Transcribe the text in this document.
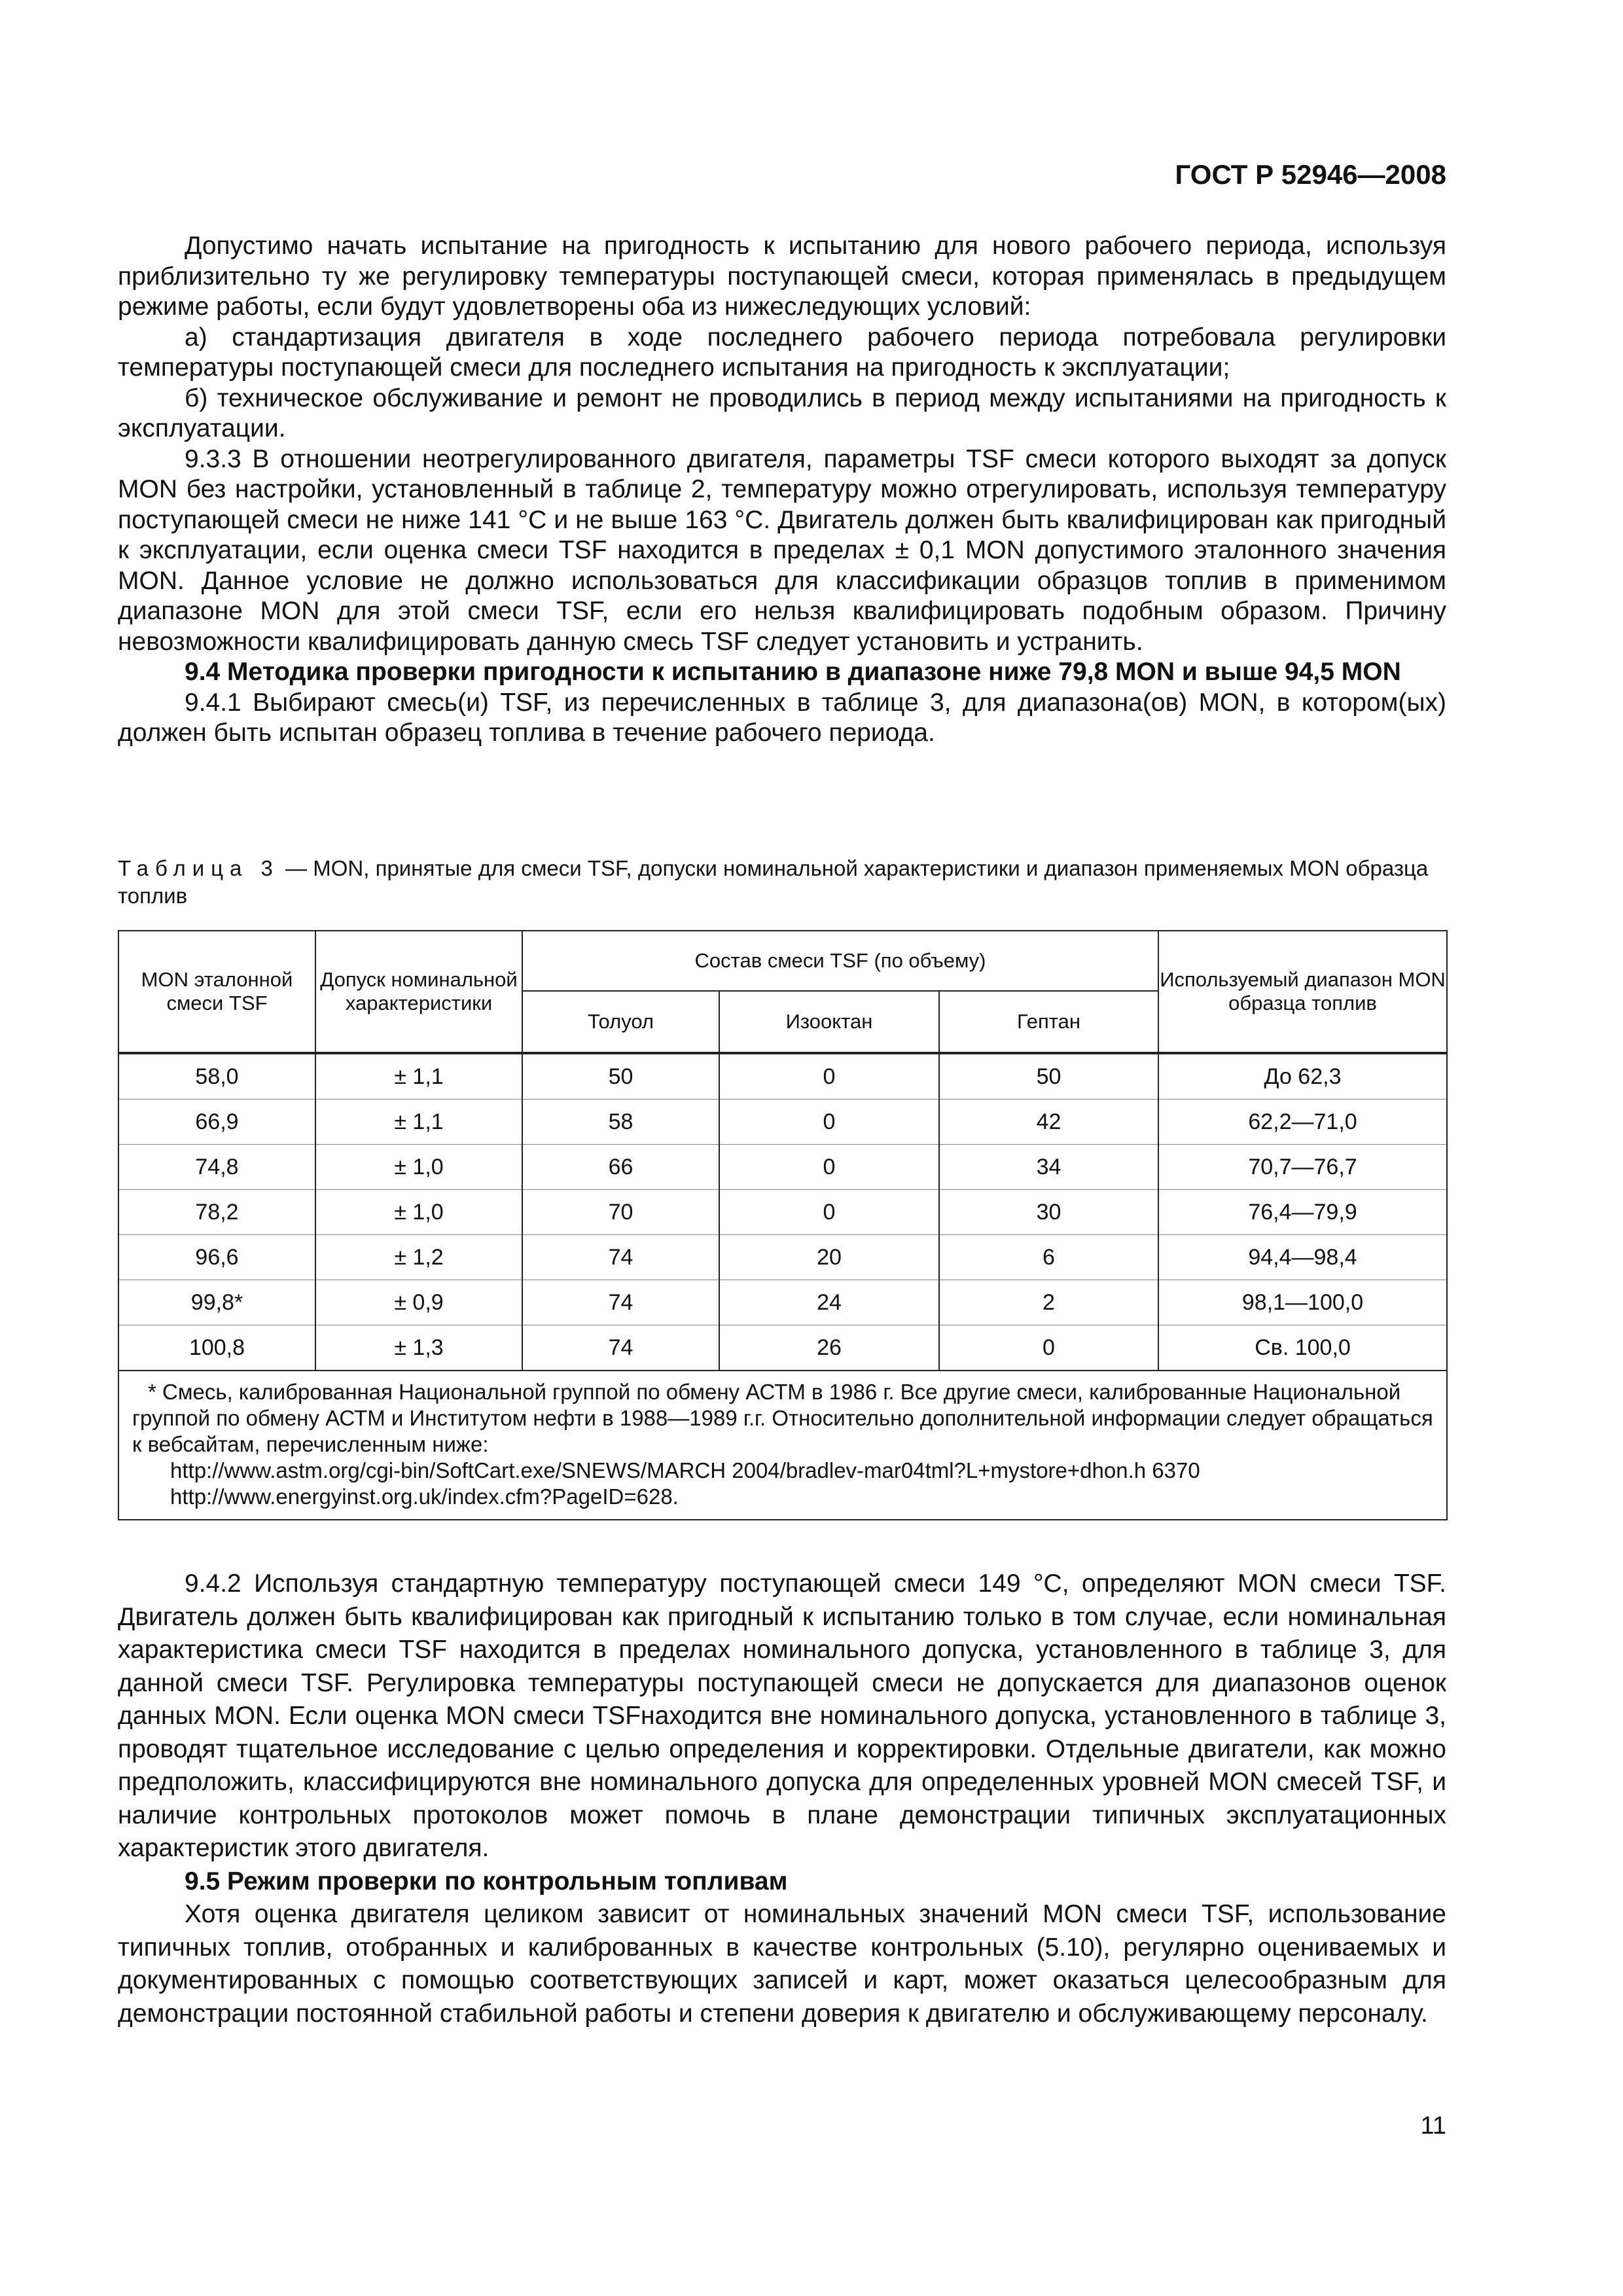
ГОСТ Р 52946—2008

Допустимо начать испытание на пригодность к испытанию для нового рабочего периода, используя приблизительно ту же регулировку температуры поступающей смеси, которая применялась в предыдущем режиме работы, если будут удовлетворены оба из нижеследующих условий:

а) стандартизация двигателя в ходе последнего рабочего периода потребовала регулировки температуры поступающей смеси для последнего испытания на пригодность к эксплуатации;

б) техническое обслуживание и ремонт не проводились в период между испытаниями на пригодность к эксплуатации.

9.3.3 В отношении неотрегулированного двигателя, параметры TSF смеси которого выходят за допуск MON без настройки, установленный в таблице 2, температуру можно отрегулировать, используя температуру поступающей смеси не ниже 141 °С и не выше 163 °С. Двигатель должен быть квалифицирован как пригодный к эксплуатации, если оценка смеси TSF находится в пределах ± 0,1 MON допустимого эталонного значения MON. Данное условие не должно использоваться для классификации образцов топлив в применимом диапазоне MON для этой смеси TSF, если его нельзя квалифицировать подобным образом. Причину невозможности квалифицировать данную смесь TSF следует установить и устранить.

9.4 Методика проверки пригодности к испытанию в диапазоне ниже 79,8 MON и выше 94,5 MON

9.4.1 Выбирают смесь(и) TSF, из перечисленных в таблице 3, для диапазона(ов) MON, в котором(ых) должен быть испытан образец топлива в течение рабочего периода.

Таблица 3 — MON, принятые для смеси TSF, допуски номинальной характеристики и диапазон применяемых MON образца топлив
MON эталонной смеси TSF	Допуск номинальной характеристики	Состав смеси TSF (по объему)			Используемый диапазон MON образца топлив
		Толуол	Изооктан	Гептан	
58,0	± 1,1	50	0	50	До 62,3
66,9	± 1,1	58	0	42	62,2—71,0
74,8	± 1,0	66	0	34	70,7—76,7
78,2	± 1,0	70	0	30	76,4—79,9
96,6	± 1,2	74	20	6	94,4—98,4
99,8*	± 0,9	74	24	2	98,1—100,0
100,8	± 1,3	74	26	0	Св. 100,0

* Смесь, калиброванная Национальной группой по обмену АСТМ в 1986 г. Все другие смеси, калиброванные Национальной группой по обмену АСТМ и Институтом нефти в 1988—1989 г.г. Относительно дополнительной информации следует обращаться к вебсайтам, перечисленным ниже:
http://www.astm.org/cgi-bin/SoftCart.exe/SNEWS/MARCH 2004/bradlev-mar04tml?L+mystore+dhon.h 6370
http://www.energyinst.org.uk/index.cfm?PageID=628.					

9.4.2 Используя стандартную температуру поступающей смеси 149 °С, определяют MON смеси TSF. Двигатель должен быть квалифицирован как пригодный к испытанию только в том случае, если номинальная характеристика смеси TSF находится в пределах номинального допуска, установленного в таблице 3, для данной смеси TSF. Регулировка температуры поступающей смеси не допускается для диапазонов оценок данных MON. Если оценка MON смеси TSFнаходится вне номинального допуска, установленного в таблице 3, проводят тщательное исследование с целью определения и корректировки. Отдельные двигатели, как можно предположить, классифицируются вне номинального допуска для определенных уровней MON смесей TSF, и наличие контрольных протоколов может помочь в плане демонстрации типичных эксплуатационных характеристик этого двигателя.

9.5 Режим проверки по контрольным топливам

Хотя оценка двигателя целиком зависит от номинальных значений MON смеси TSF, использование типичных топлив, отобранных и калиброванных в качестве контрольных (5.10), регулярно оцениваемых и документированных с помощью соответствующих записей и карт, может оказаться целесообразным для демонстрации постоянной стабильной работы и степени доверия к двигателю и обслуживающему персоналу.

11
